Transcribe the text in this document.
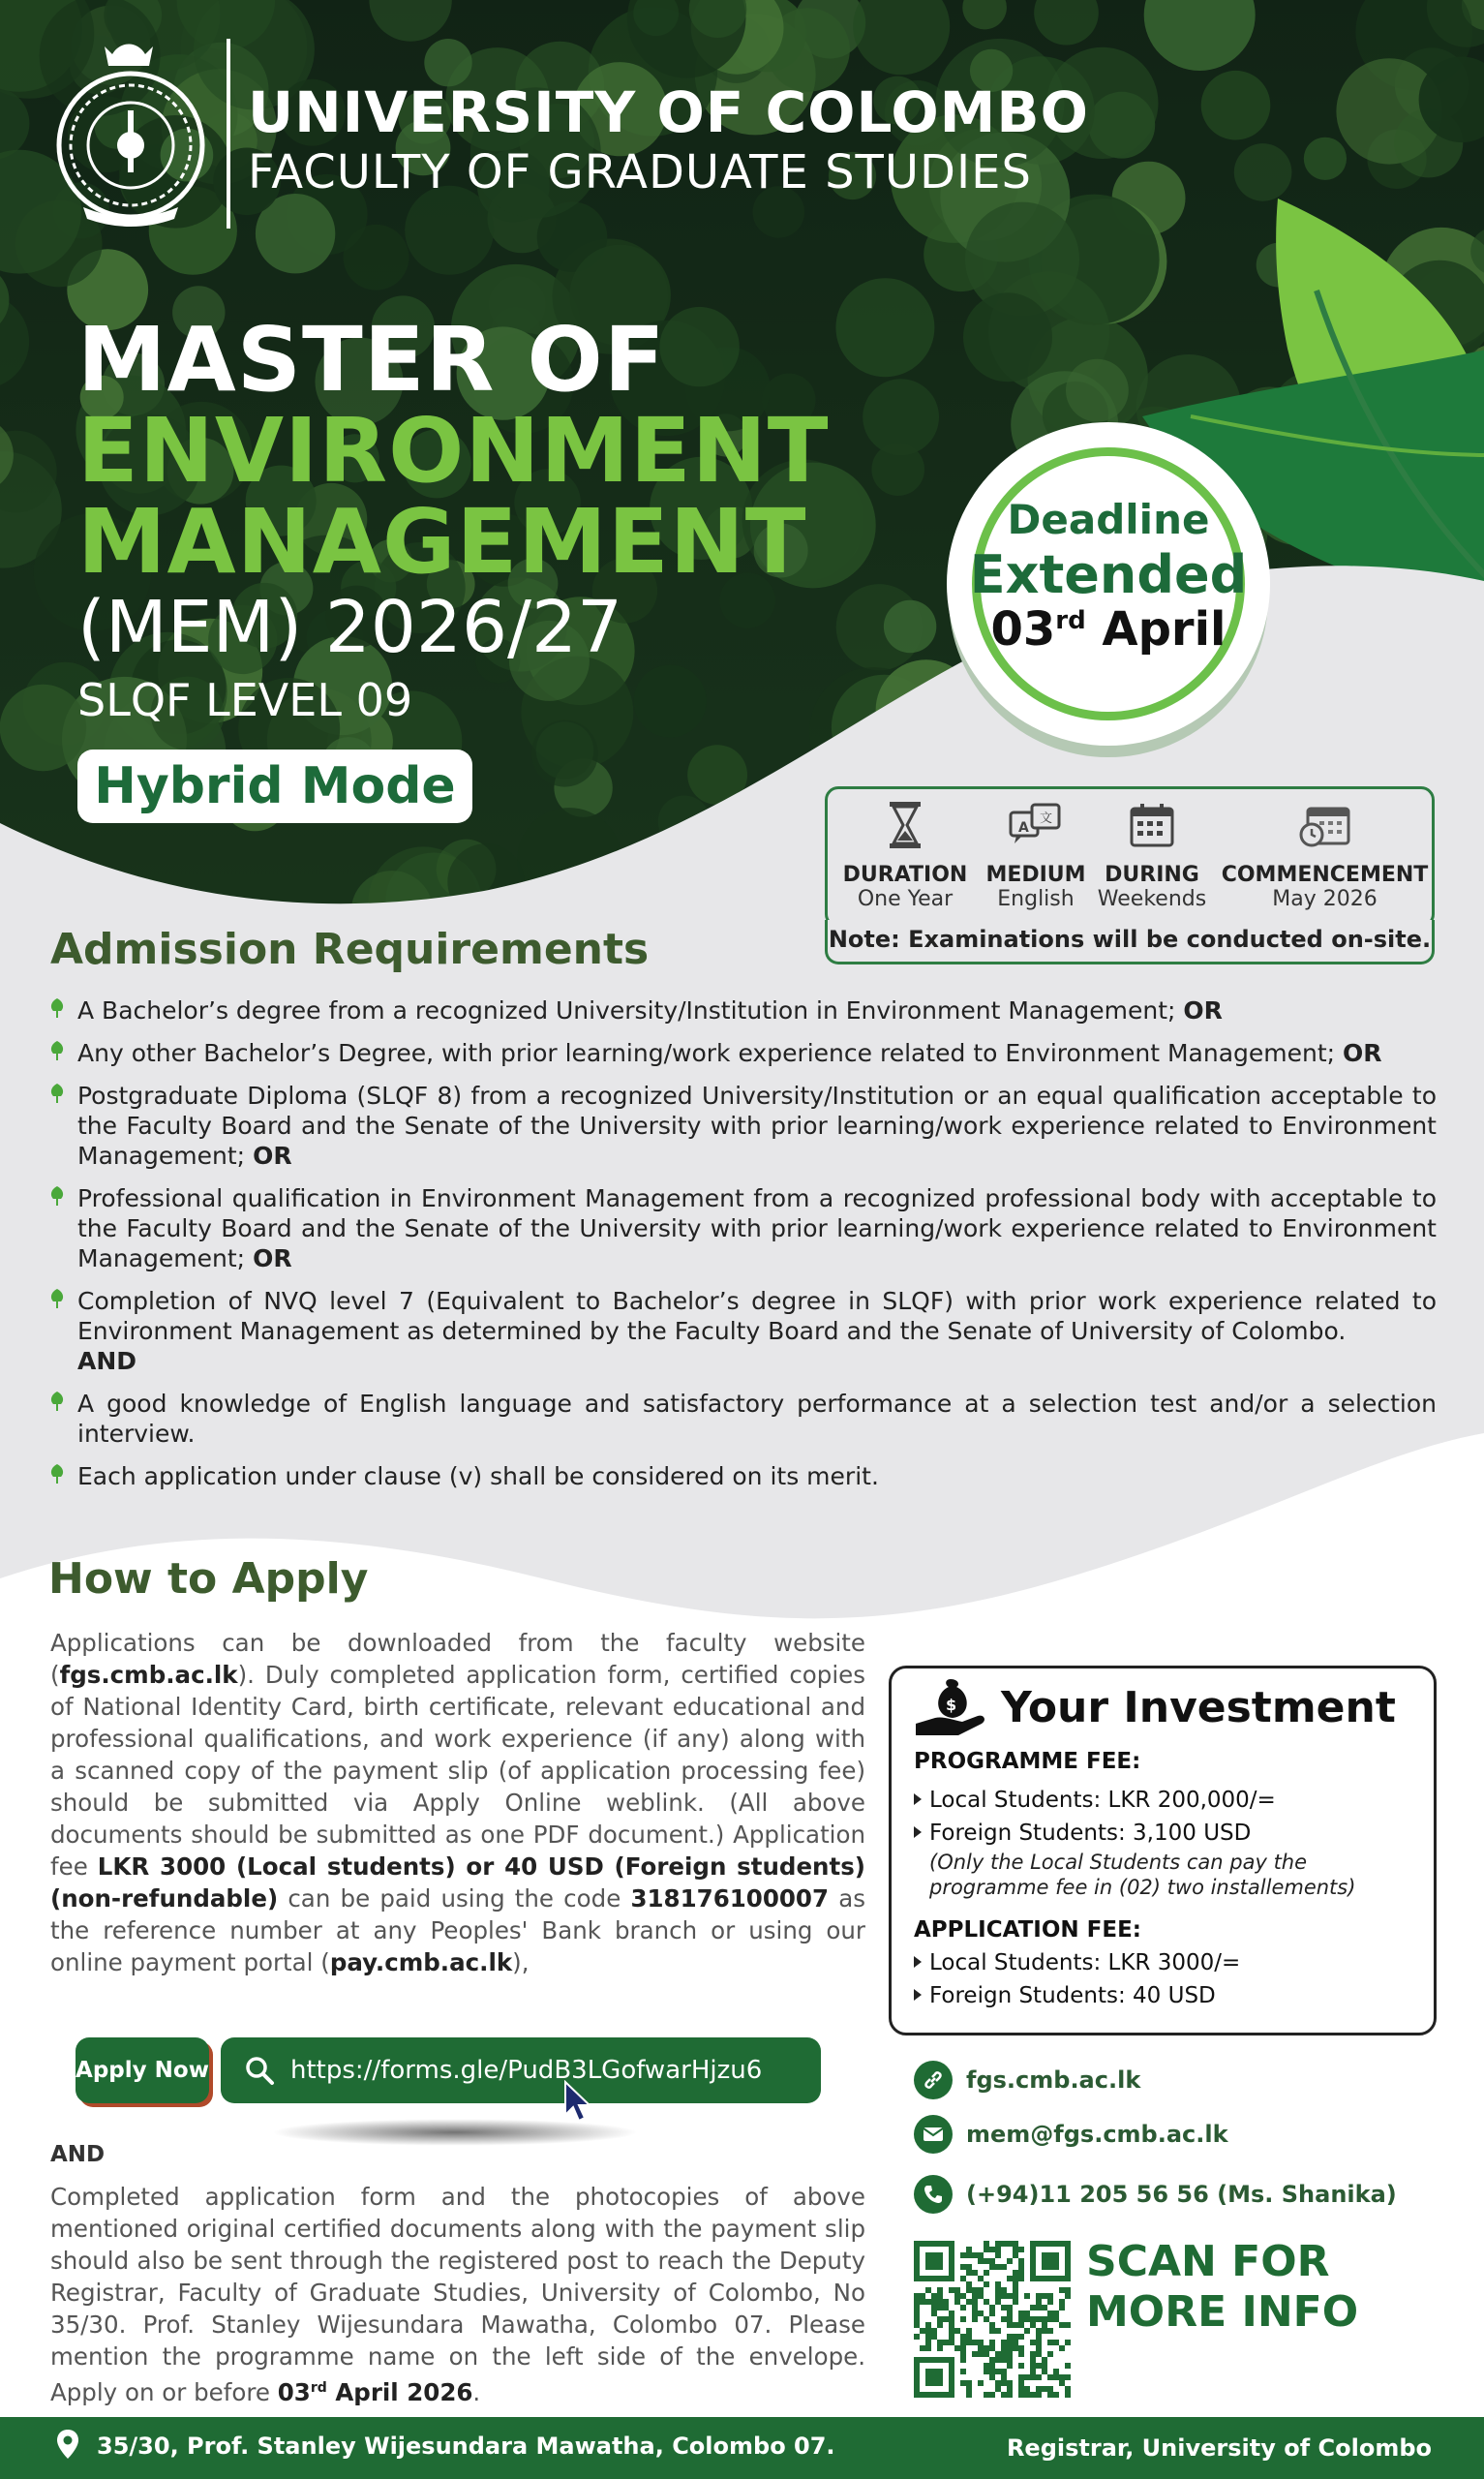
UNIVERSITY OF COLOMBO
FACULTY OF GRADUATE STUDIES
MASTER OF
ENVIRONMENT
MANAGEMENT
(MEM) 2026/27
SLQF LEVEL 09
Hybrid Mode
Deadline
Extended
03rd April
DURATION
One Year
A
文
MEDIUM
English
DURING
Weekends
COMMENCEMENT
May 2026
Note: Examinations will be conducted on-site.
Admission Requirements
A Bachelor’s degree from a recognized University/Institution in Environment Management; OR
Any other Bachelor’s Degree, with prior learning/work experience related to Environment Management; OR
Postgraduate Diploma (SLQF 8) from a recognized University/Institution or an equal qualification acceptable to the Faculty Board and the Senate of the University with prior learning/work experience related to Environment Management; OR
Professional qualification in Environment Management from a recognized professional body with acceptable to the Faculty Board and the Senate of the University with prior learning/work experience related to Environment Management; OR
Completion of NVQ level 7 (Equivalent to Bachelor’s degree in SLQF) with prior work experience related to Environment Management as determined by the Faculty Board and the Senate of University of Colombo.
AND
A good knowledge of English language and satisfactory performance at a selection test and/or a selection interview.
Each application under clause (v) shall be considered on its merit.
How to Apply
Applications can be downloaded from the faculty website (fgs.cmb.ac.lk). Duly completed application form, certified copies of National Identity Card, birth certificate, relevant educational and professional qualifications, and work experience (if any) along with a scanned copy of the payment slip (of application processing fee) should be submitted via Apply Online weblink. (All above documents should be submitted as one PDF document.) Application fee LKR 3000 (Local students) or 40 USD (Foreign students) (non-refundable) can be paid using the code 318176100007 as the reference number at any Peoples' Bank branch or using our online payment portal (pay.cmb.ac.lk),
Apply Now	https://forms.gle/PudB3LGofwarHjzu6
AND
Completed application form and the photocopies of above mentioned original certified documents along with the payment slip should also be sent through the registered post to reach the Deputy Registrar, Faculty of Graduate Studies, University of Colombo, No 35/30. Prof. Stanley Wijesundara Mawatha, Colombo 07. Please mention the programme name on the left side of the envelope. Apply on or before 03rd April 2026.
$ Your Investment
PROGRAMME FEE:
Local Students: LKR 200,000/=
Foreign Students: 3,100 USD
(Only the Local Students can pay the
programme fee in (02) two installements)
APPLICATION FEE:
Local Students: LKR 3000/=
Foreign Students: 40 USD
fgs.cmb.ac.lk
mem@fgs.cmb.ac.lk
(+94)11 205 56 56 (Ms. Shanika)
SCAN FOR
MORE INFO
35/30, Prof. Stanley Wijesundara Mawatha, Colombo 07.	Registrar, University of Colombo
